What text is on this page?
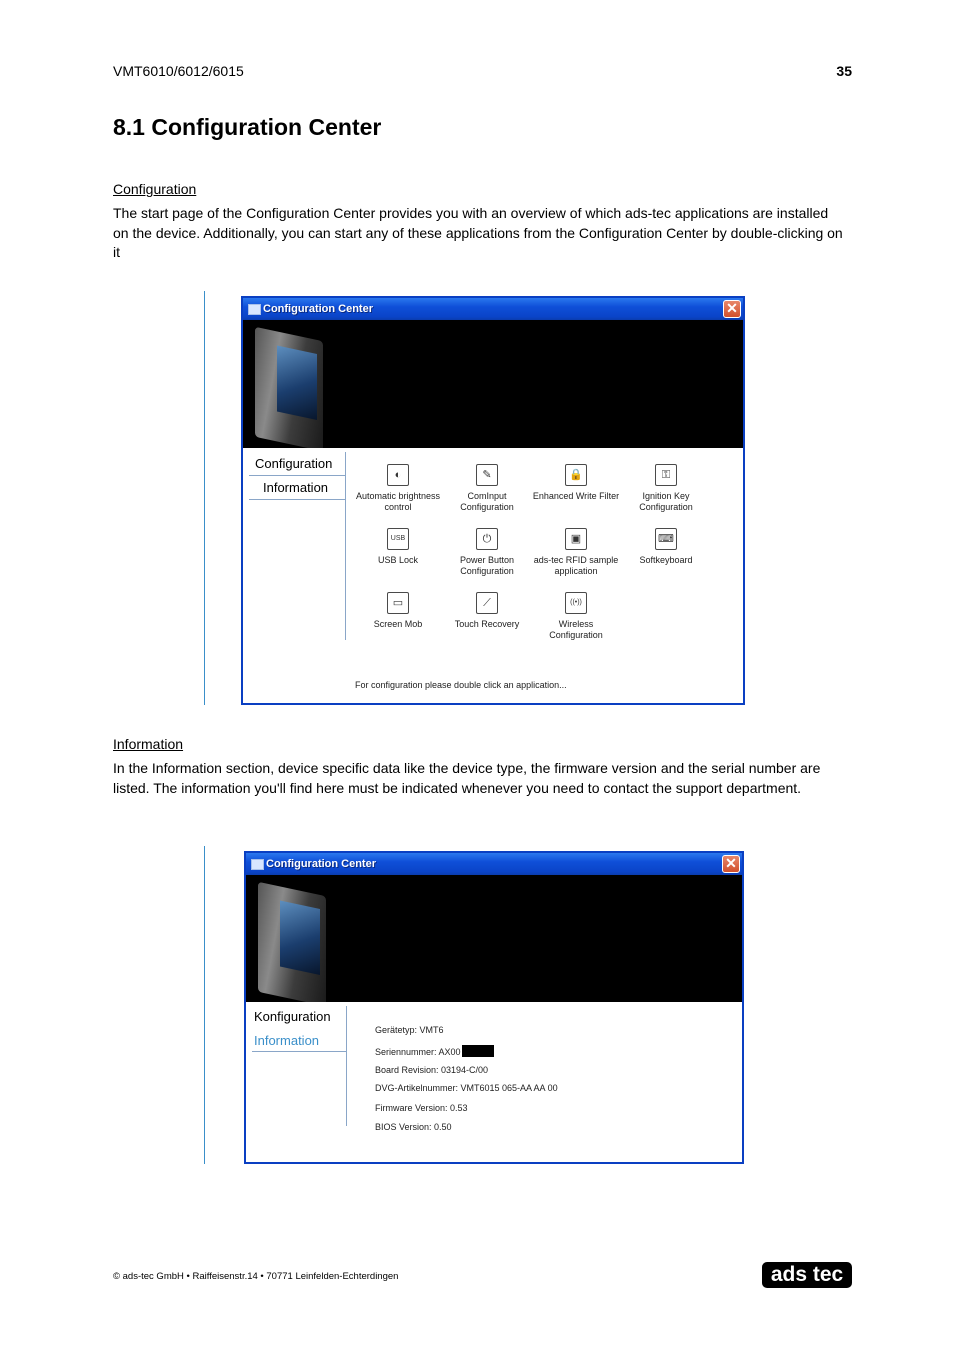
VMT6010/6012/6015	35
8.1 Configuration Center
Configuration
The start page of the Configuration Center provides you with an overview of which ads-tec applications are installed on the device. Additionally, you can start any of these applications from the Configuration Center by double-clicking on it
Configuration Center	✕
Configuration
Information
◐
Automatic brightness control
✎
ComInput Configuration
🔒
Enhanced Write Filter
⚿
Ignition Key Configuration
USB
USB Lock
⏻
Power Button Configuration
▣
ads-tec RFID sample application
⌨
Softkeyboard
▭
Screen Mob
⟋
Touch Recovery
((•))
Wireless Configuration
For configuration please double click an application...
Information
In the Information section, device specific data like the device type, the firmware version and the serial number are listed. The information you'll find here must be indicated whenever you need to contact the support department.
Configuration Center	✕
Konfiguration
Information
Gerätetyp: VMT6
Seriennummer: AX00
Board Revision: 03194-C/00
DVG-Artikelnummer: VMT6015 065-AA AA 00
Firmware Version: 0.53
BIOS Version: 0.50
© ads-tec GmbH • Raiffeisenstr.14 • 70771 Leinfelden-Echterdingen	ads tec
